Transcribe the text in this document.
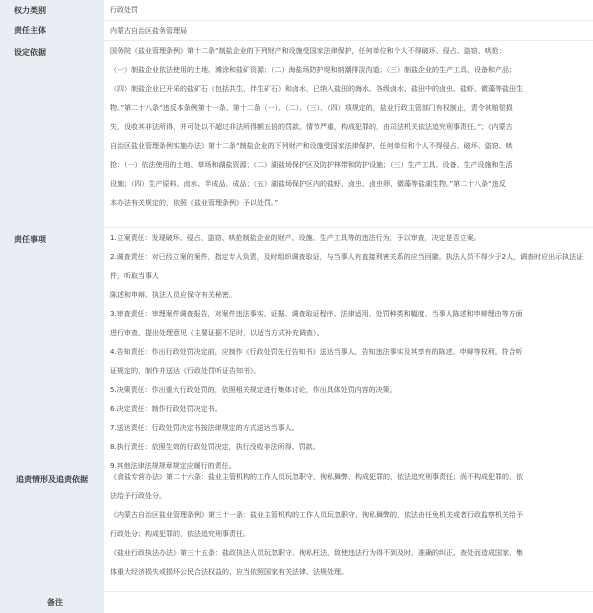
权力类别	行政处罚
责任主体	内蒙古自治区盐务管理局
设定依据	国务院《盐业管理条例》第十二条“制盐企业的下列财产和设施受国家法律保护，任何单位和个人不得破坏、侵占、盗窃、哄抢：

（一）制盐企业依法使用的土地、滩涂和盐矿资源；（二）海盐场防护堤和纳潮排淡沟道；（三）制盐企业的生产工具、设备和产品；

（四）制盐企业已开采的盐矿石（包括共生、伴生矿石）和卤水，已纳入盐田的海水、各级卤水、盐田中的卤虫、盐虾、微藻等盐田生

物。”第二十八条“违反本条例第十一条、第十二条（一）、（二）、（三）、（四）项规定的，盐业行政主管部门有权制止，责令其赔偿损

失，没收其非法所得，并可处以不超过非法所得额五倍的罚款。情节严重，构成犯罪的，由司法机关依法追究刑事责任。”；《内蒙古

自治区盐业管理条例实施办法》第十二条“制盐企业的下列财产和设施受国家法律保护，任何单位和个人不得侵占、破坏、盗窃、哄

抢：（一）依法使用的土地、草场和湖盐资源；（二）湖盐场保护区及防护林带和防护设施；（三）生产工具、设备、生产设施和生活

设施；（四）生产原料、卤水、半成品、成品；（五）湖盐场保护区内的盐虾、卤虫、卤虫卵、微藻等盐湖生物。”第二十八条“违反

本办法有关规定的，依照《盐业管理条例》予以处罚。”

责任事项	1.立案责任：发现破坏、侵占、盗窃、哄抢制盐企业的财产、设施、生产工具等的违法行为，予以审查，决定是否立案。

2.调查责任：对已经立案的案件，指定专人负责，及时组织调查取证，与当事人有直接利害关系的应当回避。执法人员不得少于2人，调查时应出示执法证件，听取当事人

陈述和申辩。执法人员应保守有关秘密。

3.审查责任：审理案件调查报告，对案件违法事实、证据、调查取证程序、法律适用、处罚种类和幅度、当事人陈述和申辩理由等方面

进行审查，提出处理意见（主要证据不足时，以适当方式补充调查）。

4.告知责任：作出行政处罚决定前，应制作《行政处罚先行告知书》送达当事人，告知违法事实及其享有的陈述、申辩等权利。符合听

证规定的，制作并送达《行政处罚听证告知书》。

5.决策责任：作出重大行政处罚的，依照相关规定进行集体讨论，作出具体处罚内容的决策。

6.决定责任：制作行政处罚决定书。

7.送达责任：行政处罚决定书按法律规定的方式送达当事人。

8.执行责任：依照生效的行政处罚决定，执行没收非法所得、罚款。

9.其他法律法规规章规定应履行的责任。

追责情形及追责依据	《食盐专营办法》第二十六条：盐业主管机构的工作人员玩忽职守、徇私舞弊，构成犯罪的，依法追究刑事责任；尚不构成犯罪的，依

法给予行政处分。

《内蒙古自治区盐业管理条例》第三十一条：盐业主管机构的工作人员玩忽职守、徇私舞弊的，依法由任免机关或者行政监察机关给予

行政处分；构成犯罪的，依法追究刑事责任。

《盐业行政执法办法》第三十五条：盐政执法人员玩忽职守、徇私枉法，致使违法行为得不到及时、准确的纠正、查处而造成国家、集

体重大经济损失或损坏公民合法权益的，应当依照国家有关法律、法规处理。

备注
